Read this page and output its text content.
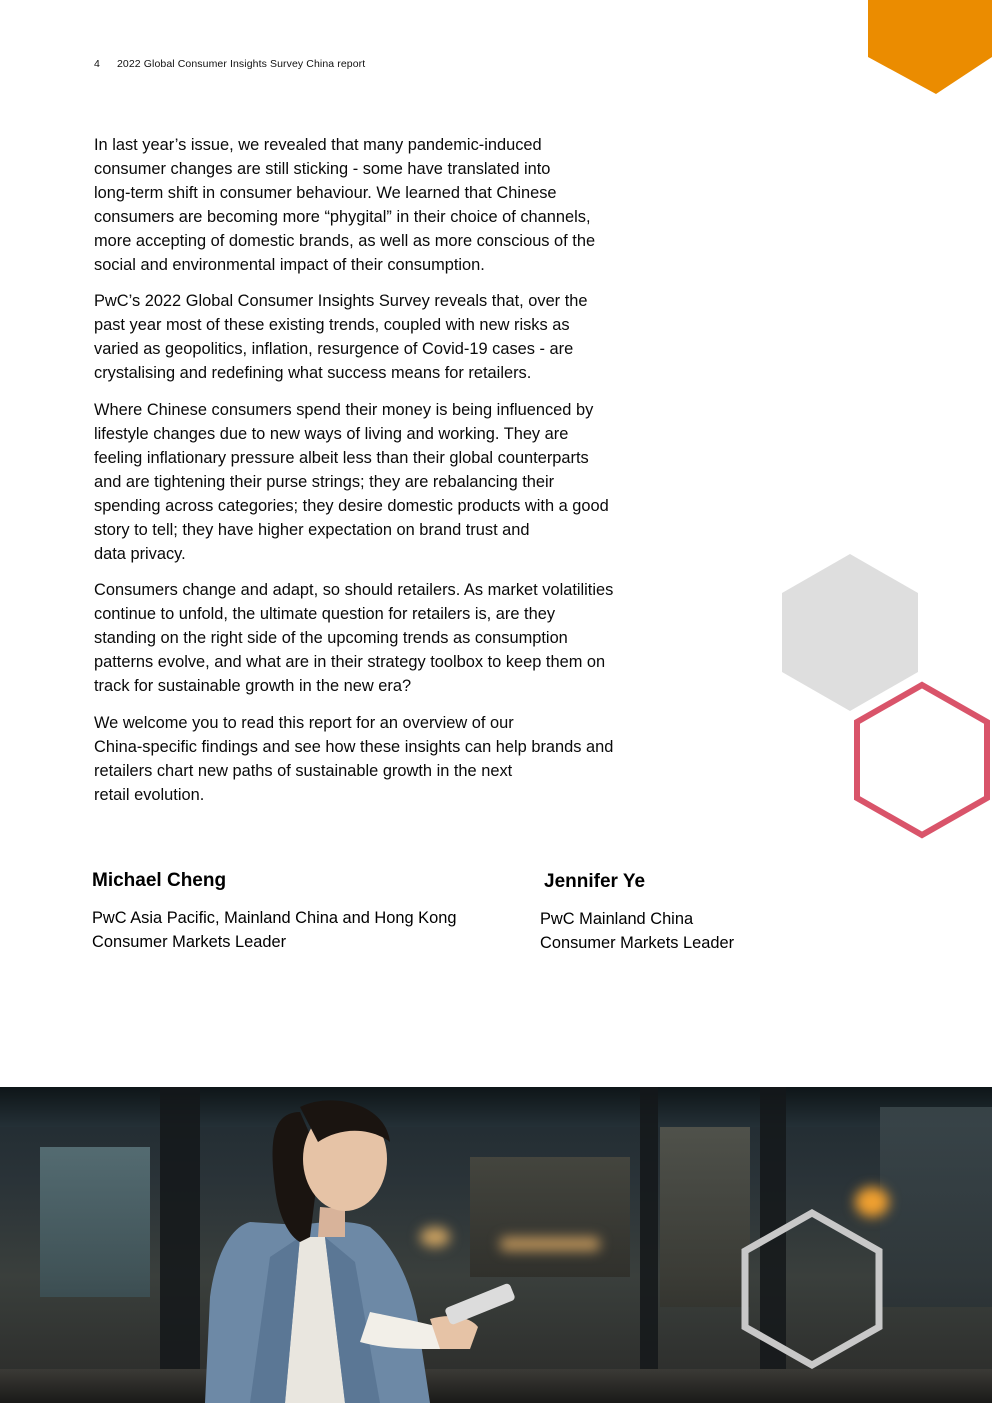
4 2022 Global Consumer Insights Survey China report

In last year’s issue, we revealed that many pandemic-induced
consumer changes are still sticking - some have translated into
long-term shift in consumer behaviour. We learned that Chinese
consumers are becoming more “phygital” in their choice of channels,
more accepting of domestic brands, as well as more conscious of the
social and environmental impact of their consumption.

PwC’s 2022 Global Consumer Insights Survey reveals that, over the
past year most of these existing trends, coupled with new risks as
varied as geopolitics, inflation, resurgence of Covid-19 cases - are
crystalising and redefining what success means for retailers.

Where Chinese consumers spend their money is being influenced by
lifestyle changes due to new ways of living and working. They are
feeling inflationary pressure albeit less than their global counterparts
and are tightening their purse strings; they are rebalancing their
spending across categories; they desire domestic products with a good
story to tell; they have higher expectation on brand trust and
data privacy.

Consumers change and adapt, so should retailers. As market volatilities
continue to unfold, the ultimate question for retailers is, are they
standing on the right side of the upcoming trends as consumption
patterns evolve, and what are in their strategy toolbox to keep them on
track for sustainable growth in the new era?

We welcome you to read this report for an overview of our
China-specific findings and see how these insights can help brands and
retailers chart new paths of sustainable growth in the next
retail evolution.

Michael Cheng
PwC Asia Pacific, Mainland China and Hong Kong
Consumer Markets Leader
Jennifer Ye
PwC Mainland China
Consumer Markets Leader
